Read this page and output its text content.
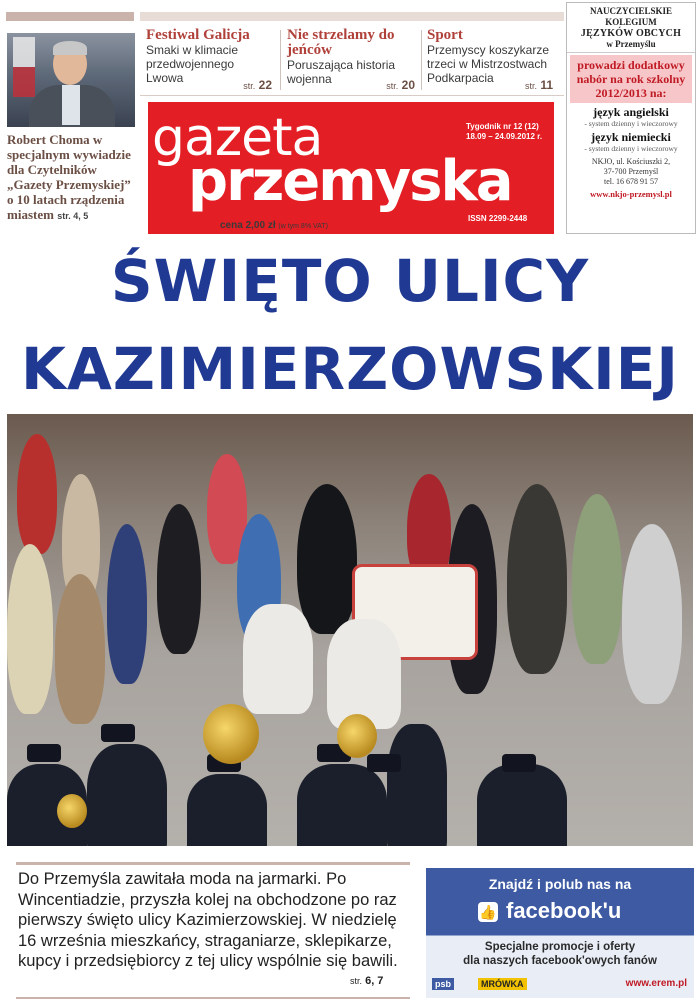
Robert Choma w specjalnym wywiadzie dla Czytelników „Gazety Przemyskiej” o 10 latach rządzenia miastem str. 4, 5
Festiwal Galicja
Smaki w klimacie przedwojennego Lwowa
str. 22
Nie strzelamy do jeńców
Poruszająca historia wojenna	str. 20
Sport
Przemyscy koszykarze trzeci w Mistrzostwach Podkarpacia
str. 11
NAUCZYCIELSKIE KOLEGIUM
JĘZYKÓW OBCYCH
w Przemyślu
prowadzi dodatkowy nabór na rok szkolny 2012/2013 na:
język angielski
- system dzienny i wieczorowy
język niemiecki
- system dzienny i wieczorowy
NKJO, ul. Kościuszki 2,
37-700 Przemyśl
tel. 16 678 91 57
www.nkjo-przemysl.pl
gazeta
przemyska
Tygodnik nr 12 (12)
18.09 – 24.09.2012 r.
ISSN 2299-2448
cena 2,00 zł (w tym 8% VAT)
ŚWIĘTO ULICY
KAZIMIERZOWSKIEJ
Do Przemyśla zawitała moda na jarmarki. Po Wincentiadzie, przyszła kolej na obchodzone po raz pierwszy święto ulicy Kazimierzowskiej. W niedzielę 16 września mieszkańcy, straganiarze, sklepikarze, kupcy i przedsiębiorcy z tej ulicy wspólnie się bawili.
str. 6, 7
Znajdź i polub nas na
👍 facebook'u
Specjalne promocje i oferty
dla naszych facebook'owych fanów
psb	MRÓWKA	www.erem.pl
